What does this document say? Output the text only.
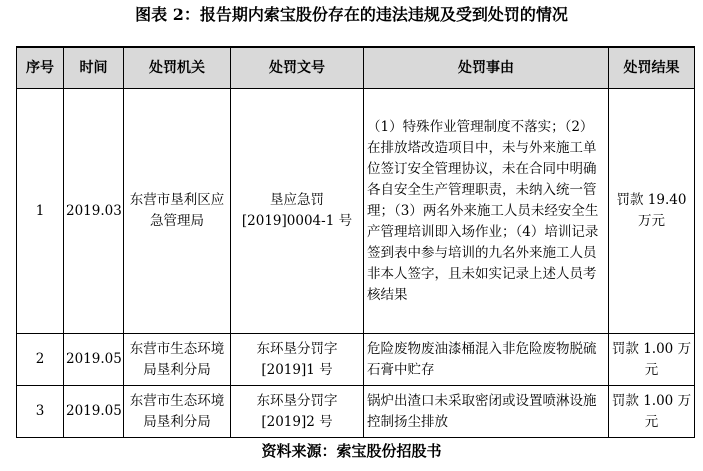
图表 2：报告期内索宝股份存在的违法违规及受到处罚的情况
序号	时间	处罚机关	处罚文号	处罚事由	处罚结果
1	2019.03	东营市垦利区应急管理局	垦应急罚[2019]0004-1 号	（1）特殊作业管理制度不落实；（2）在排放塔改造项目中，未与外来施工单位签订安全管理协议，未在合同中明确各自安全生产管理职责，未纳入统一管理；（3）两名外来施工人员未经安全生产管理培训即入场作业；（4）培训记录签到表中参与培训的九名外来施工人员非本人签字，且未如实记录上述人员考核结果	罚款 19.40 万元
2	2019.05	东营市生态环境局垦利分局	东环垦分罚字[2019]1 号	危险废物废油漆桶混入非危险废物脱硫石膏中贮存	罚款 1.00 万元
3	2019.05	东营市生态环境局垦利分局	东环垦分罚字[2019]2 号	锅炉出渣口未采取密闭或设置喷淋设施控制扬尘排放	罚款 1.00 万元
资料来源：索宝股份招股书
